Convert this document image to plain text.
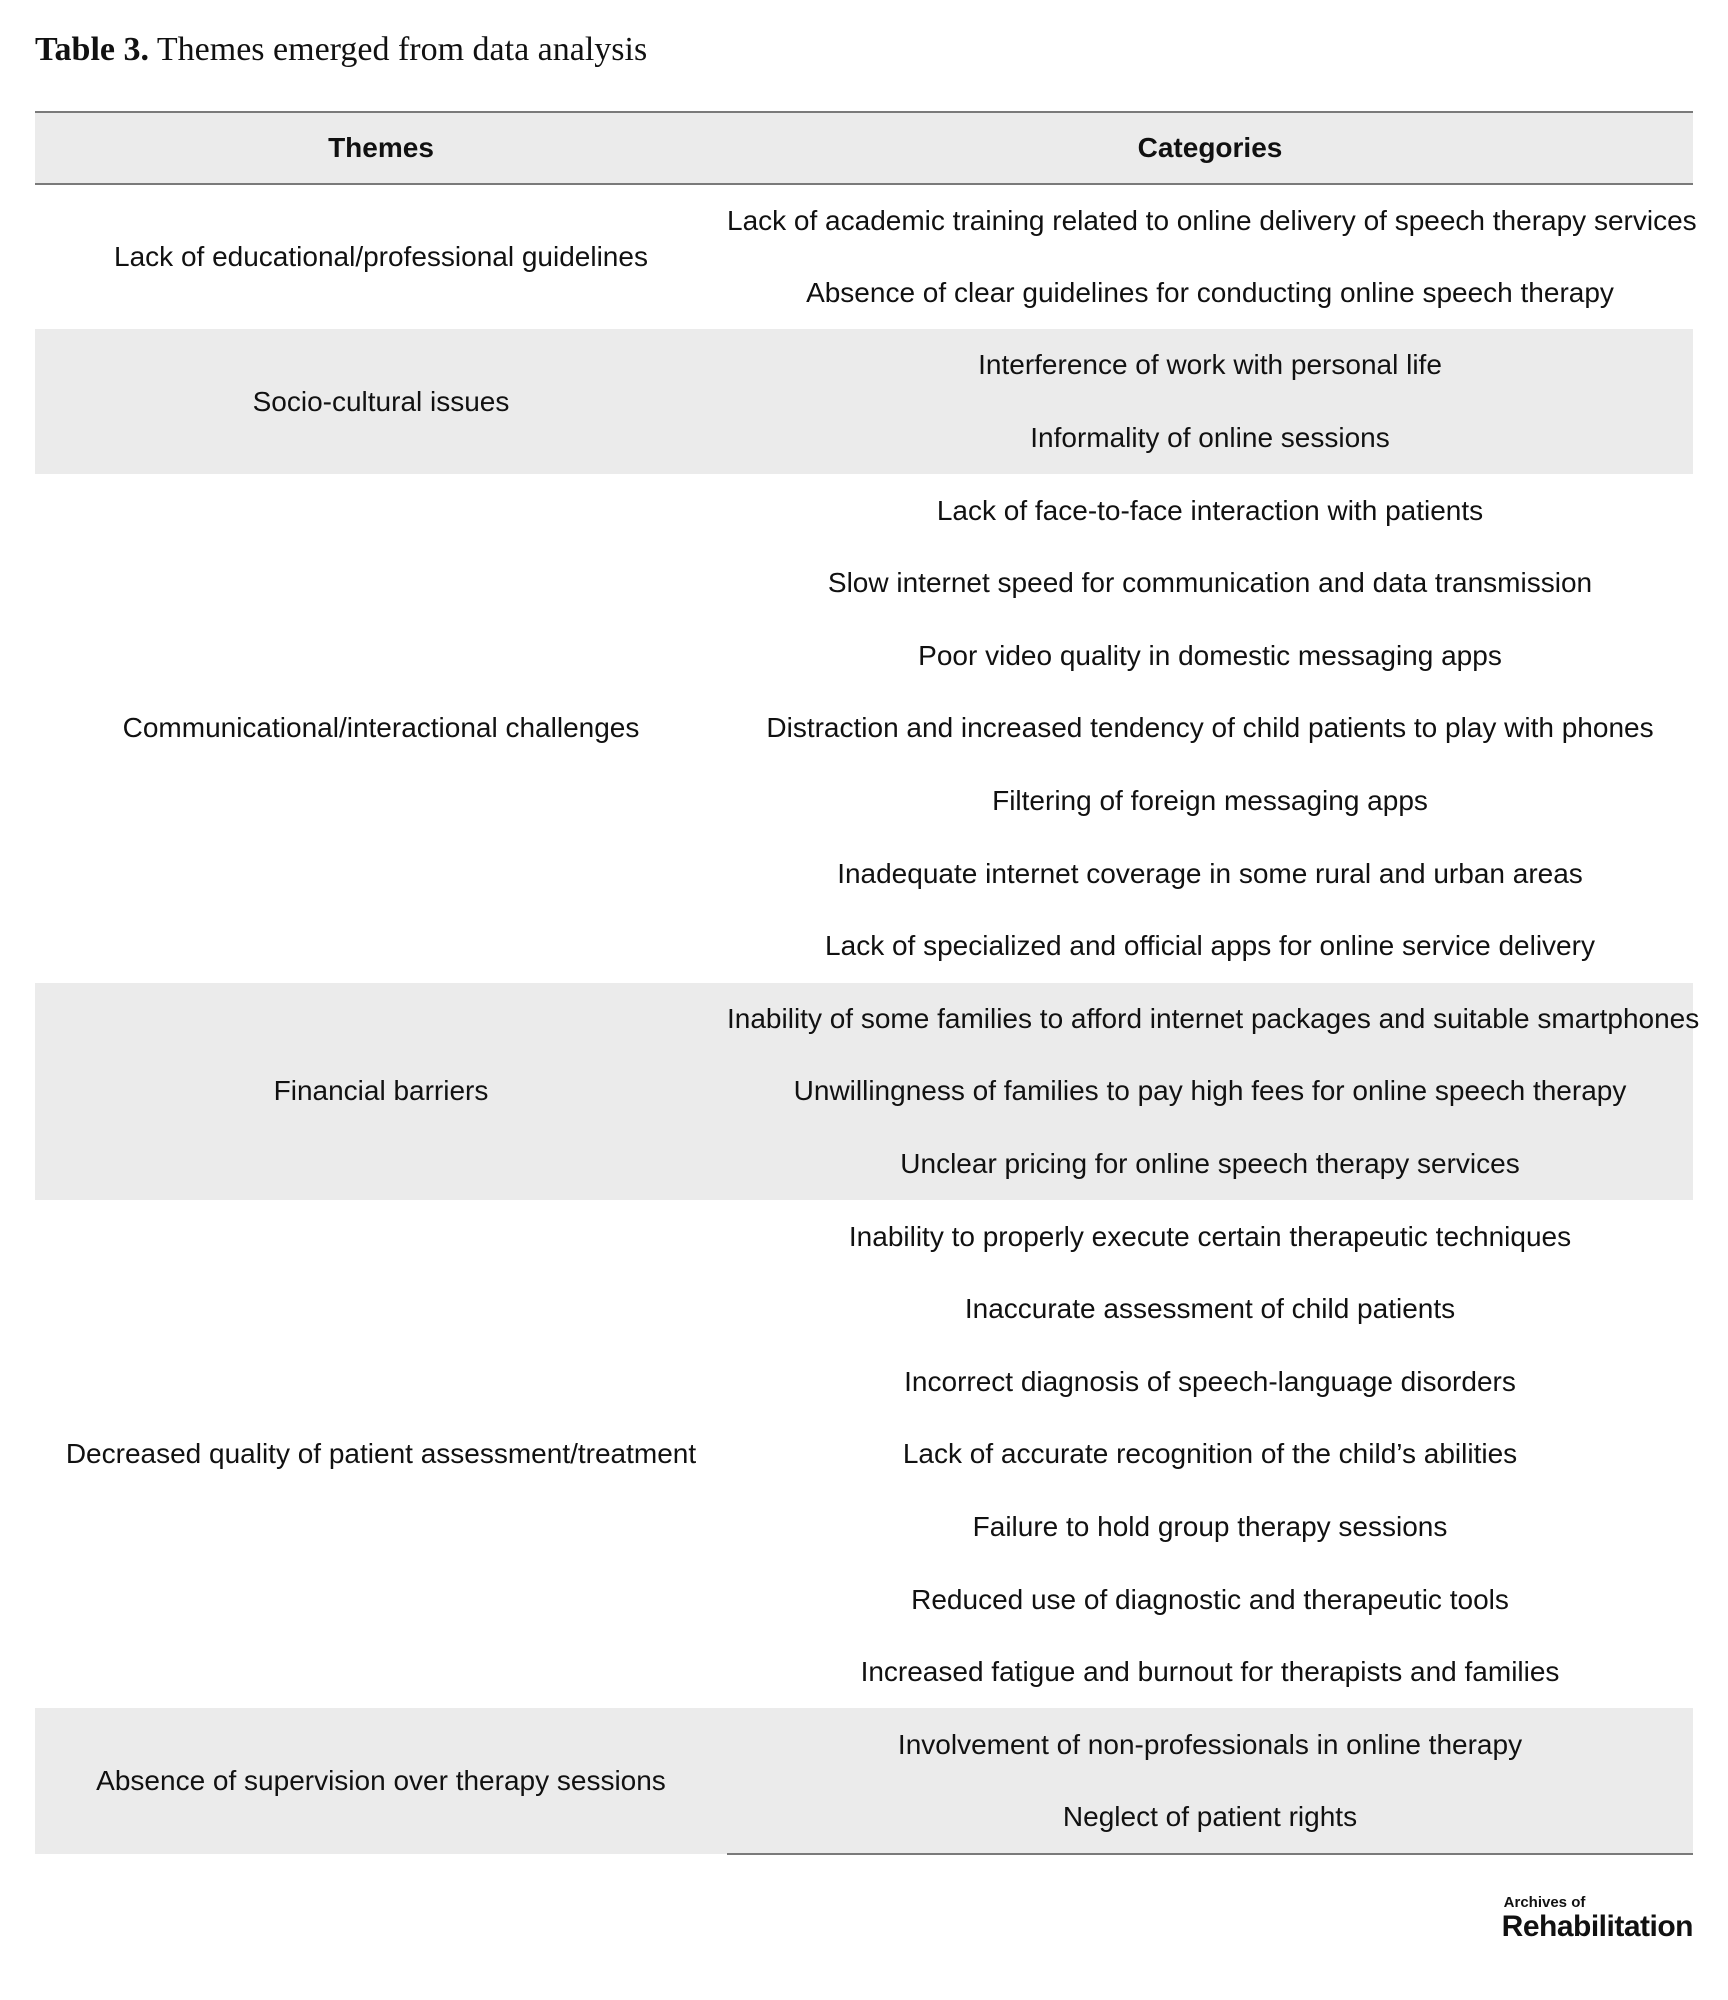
Table 3. Themes emerged from data analysis
Themes	Categories
Lack of educational/professional guidelines	Lack of academic training related to online delivery of speech therapy services
	Absence of clear guidelines for conducting online speech therapy
Socio-cultural issues	Interference of work with personal life
	Informality of online sessions
Communicational/interactional challenges	Lack of face-to-face interaction with patients
	Slow internet speed for communication and data transmission
	Poor video quality in domestic messaging apps
	Distraction and increased tendency of child patients to play with phones
	Filtering of foreign messaging apps
	Inadequate internet coverage in some rural and urban areas
	Lack of specialized and official apps for online service delivery
Financial barriers	Inability of some families to afford internet packages and suitable smartphones
	Unwillingness of families to pay high fees for online speech therapy
	Unclear pricing for online speech therapy services
Decreased quality of patient assessment/treatment	Inability to properly execute certain therapeutic techniques
	Inaccurate assessment of child patients
	Incorrect diagnosis of speech-language disorders
	Lack of accurate recognition of the child’s abilities
	Failure to hold group therapy sessions
	Reduced use of diagnostic and therapeutic tools
	Increased fatigue and burnout for therapists and families
Absence of supervision over therapy sessions	Involvement of non-professionals in online therapy
	Neglect of patient rights
Archives of
Rehabilitation
